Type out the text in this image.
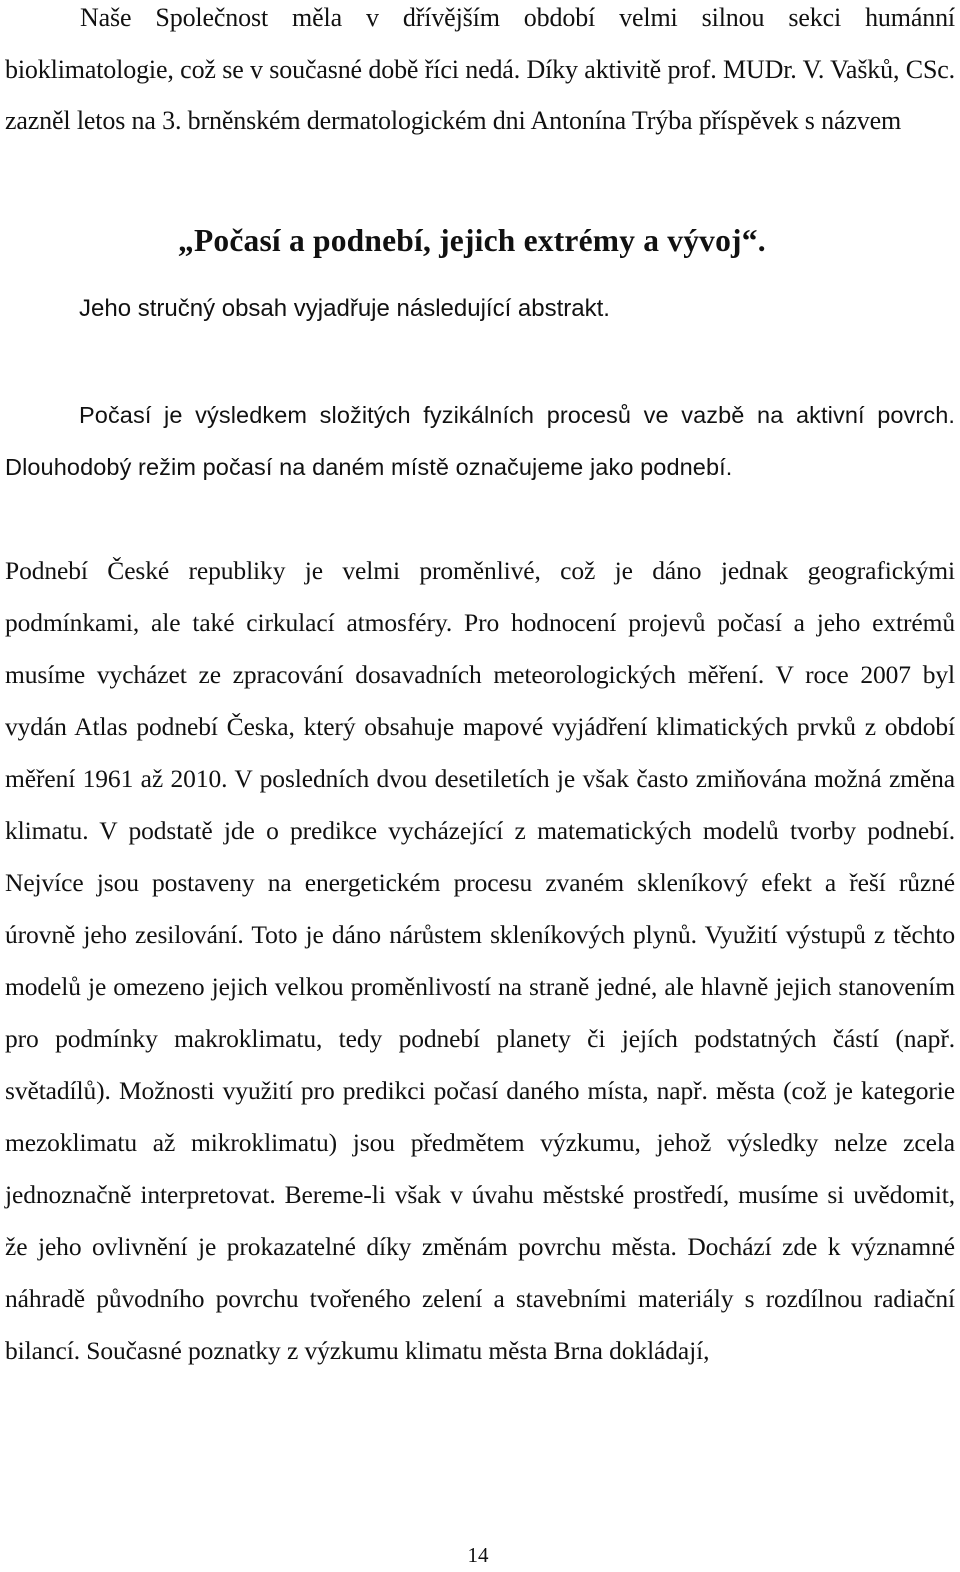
Naše Společnost měla v dřívějším období velmi silnou sekci humánní bioklimatologie, což se v současné době říci nedá. Díky aktivitě prof. MUDr. V. Vašků, CSc. zazněl letos na 3. brněnském dermatologickém dni Antonína Trýba příspěvek s názvem

„Počasí a podnebí, jejich extrémy a vývoj“.

Jeho stručný obsah vyjadřuje následující abstrakt.

Počasí je výsledkem složitých fyzikálních procesů ve vazbě na aktivní povrch. Dlouhodobý režim počasí na daném místě označujeme jako podnebí.

Podnebí České republiky je velmi proměnlivé, což je dáno jednak geografickými podmínkami, ale také cirkulací atmosféry. Pro hodnocení projevů počasí a jeho extrémů musíme vycházet ze zpracování dosavadních meteorologických měření. V roce 2007 byl vydán Atlas podnebí Česka, který obsahuje mapové vyjádření klimatických prvků z období měření 1961 až 2010. V posledních dvou desetiletích je však často zmiňována možná změna klimatu. V podstatě jde o predikce vycházející z matematických modelů tvorby podnebí. Nejvíce jsou postaveny na energetickém procesu zvaném skleníkový efekt a řeší různé úrovně jeho zesilování. Toto je dáno nárůstem skleníkových plynů. Využití výstupů z těchto modelů je omezeno jejich velkou proměnlivostí na straně jedné, ale hlavně jejich stanovením pro podmínky makroklimatu, tedy podnebí planety či jejích podstatných částí (např. světadílů). Možnosti využití pro predikci počasí daného místa, např. města (což je kategorie mezoklimatu až mikroklimatu) jsou předmětem výzkumu, jehož výsledky nelze zcela jednoznačně interpretovat. Bereme-li však v úvahu městské prostředí, musíme si uvědomit, že jeho ovlivnění je prokazatelné díky změnám povrchu města. Dochází zde k významné náhradě původního povrchu tvořeného zelení a stavebními materiály s rozdílnou radiační bilancí. Současné poznatky z výzkumu klimatu města Brna dokládají,

14
